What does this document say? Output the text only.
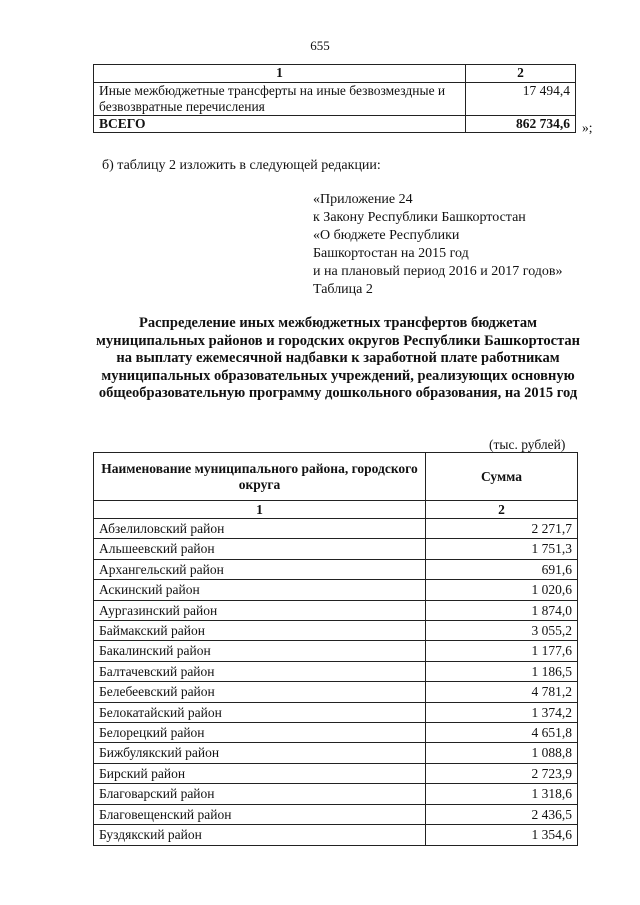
655
1	2
Иные межбюджетные трансферты на иные безвозмездные и безвозвратные перечисления	17 494,4
ВСЕГО	862 734,6 »;
б) таблицу 2 изложить в следующей редакции:
«Приложение 24
к Закону Республики Башкортостан
«О бюджете Республики
Башкортостан на 2015 год
и на плановый период 2016 и 2017 годов»
Таблица 2
Распределение иных межбюджетных трансфертов бюджетам муниципальных районов и городских округов Республики Башкортостан на выплату ежемесячной надбавки к заработной плате работникам муниципальных образовательных учреждений, реализующих основную общеобразовательную программу дошкольного образования, на 2015 год
(тыс. рублей)
Наименование муниципального района, городского округа	Сумма
1	2
Абзелиловский район	2 271,7
Альшеевский район	1 751,3
Архангельский район	691,6
Аскинский район	1 020,6
Аургазинский район	1 874,0
Баймакский район	3 055,2
Бакалинский район	1 177,6
Балтачевский район	1 186,5
Белебеевский район	4 781,2
Белокатайский район	1 374,2
Белорецкий район	4 651,8
Бижбулякский район	1 088,8
Бирский район	2 723,9
Благоварский район	1 318,6
Благовещенский район	2 436,5
Буздякский район	1 354,6
